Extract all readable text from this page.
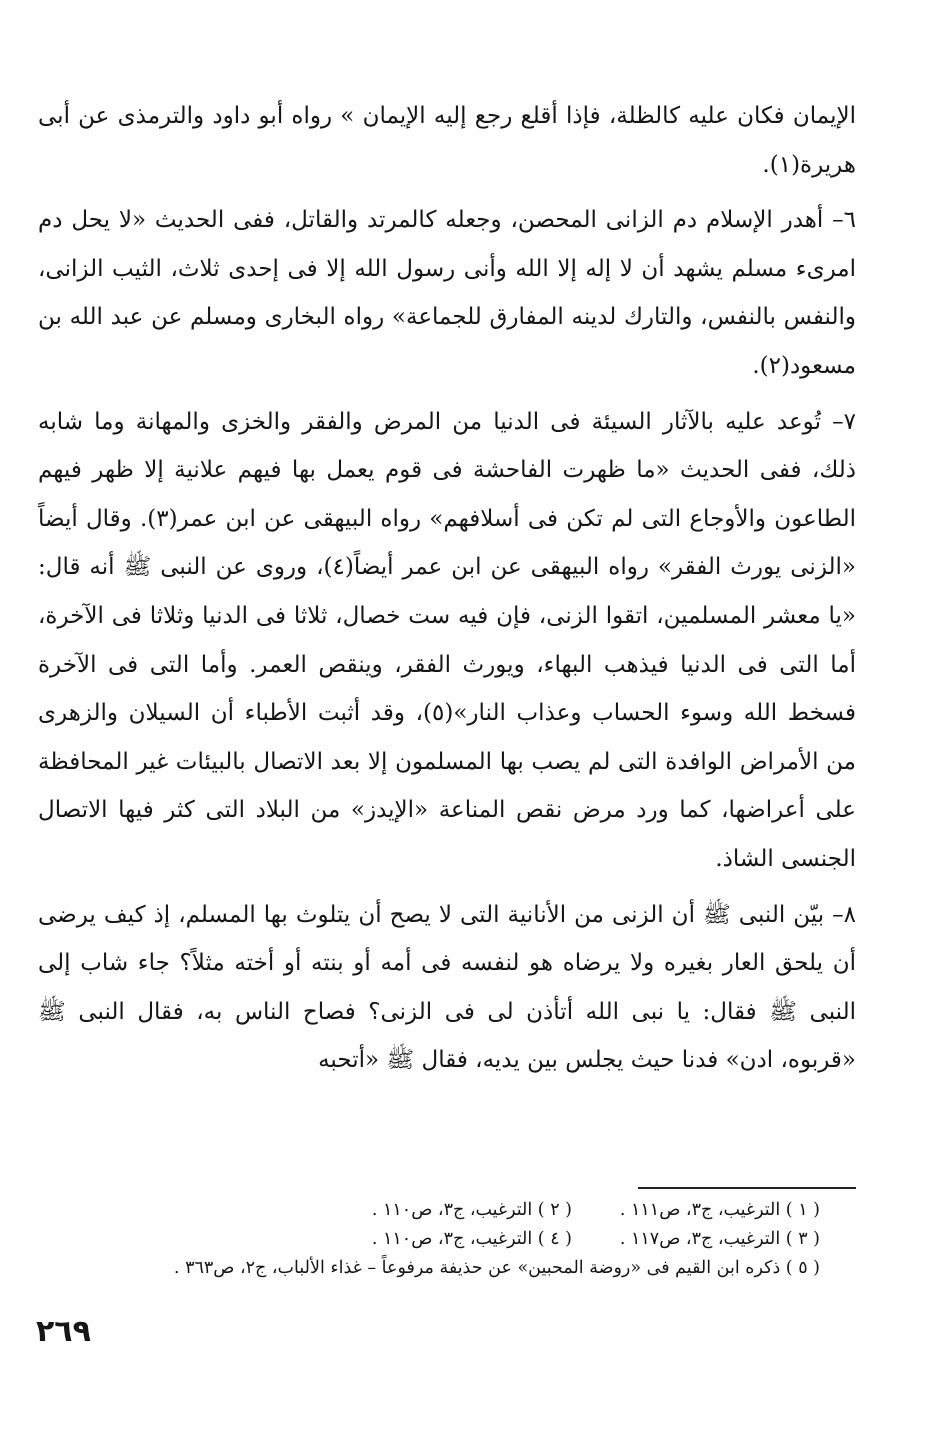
الإيمان فكان عليه كالظلة، فإذا أقلع رجع إليه الإيمان » رواه أبو داود والترمذى عن أبى هريرة(١).

٦– أهدر الإسلام دم الزانى المحصن، وجعله كالمرتد والقاتل، ففى الحديث «لا يحل دم امرىء مسلم يشهد أن لا إله إلا الله وأنى رسول الله إلا فى إحدى ثلاث، الثيب الزانى، والنفس بالنفس، والتارك لدينه المفارق للجماعة» رواه البخارى ومسلم عن عبد الله بن مسعود(٢).

٧– تُوعد عليه بالآثار السيئة فى الدنيا من المرض والفقر والخزى والمهانة وما شابه ذلك، ففى الحديث «ما ظهرت الفاحشة فى قوم يعمل بها فيهم علانية إلا ظهر فيهم الطاعون والأوجاع التى لم تكن فى أسلافهم» رواه البيهقى عن ابن عمر(٣). وقال أيضاً «الزنى يورث الفقر» رواه البيهقى عن ابن عمر أيضاً(٤)، وروى عن النبى ﷺ أنه قال: «يا معشر المسلمين، اتقوا الزنى، فإن فيه ست خصال، ثلاثا فى الدنيا وثلاثا فى الآخرة، أما التى فى الدنيا فيذهب البهاء، ويورث الفقر، وينقص العمر. وأما التى فى الآخرة فسخط الله وسوء الحساب وعذاب النار»(٥)، وقد أثبت الأطباء أن السيلان والزهرى من الأمراض الوافدة التى لم يصب بها المسلمون إلا بعد الاتصال بالبيئات غير المحافظة على أعراضها، كما ورد مرض نقص المناعة «الإيدز» من البلاد التى كثر فيها الاتصال الجنسى الشاذ.

٨– بيّن النبى ﷺ أن الزنى من الأنانية التى لا يصح أن يتلوث بها المسلم، إذ كيف يرضى أن يلحق العار بغيره ولا يرضاه هو لنفسه فى أمه أو بنته أو أخته مثلاً؟ جاء شاب إلى النبى ﷺ فقال: يا نبى الله أتأذن لى فى الزنى؟ فصاح الناس به، فقال النبى ﷺ «قربوه، ادن» فدنا حيث يجلس بين يديه، فقال ﷺ «أتحبه

( ١ ) الترغيب، ج٣، ص١١١ .
( ٢ ) الترغيب، ج٣، ص١١٠ .
( ٣ ) الترغيب، ج٣، ص١١٧ .
( ٤ ) الترغيب، ج٣، ص١١٠ .
( ٥ ) ذكره ابن القيم فى «روضة المحبين» عن حذيفة مرفوعاً – غذاء الألباب، ج٢، ص٣٦٣ .
٢٦٩
